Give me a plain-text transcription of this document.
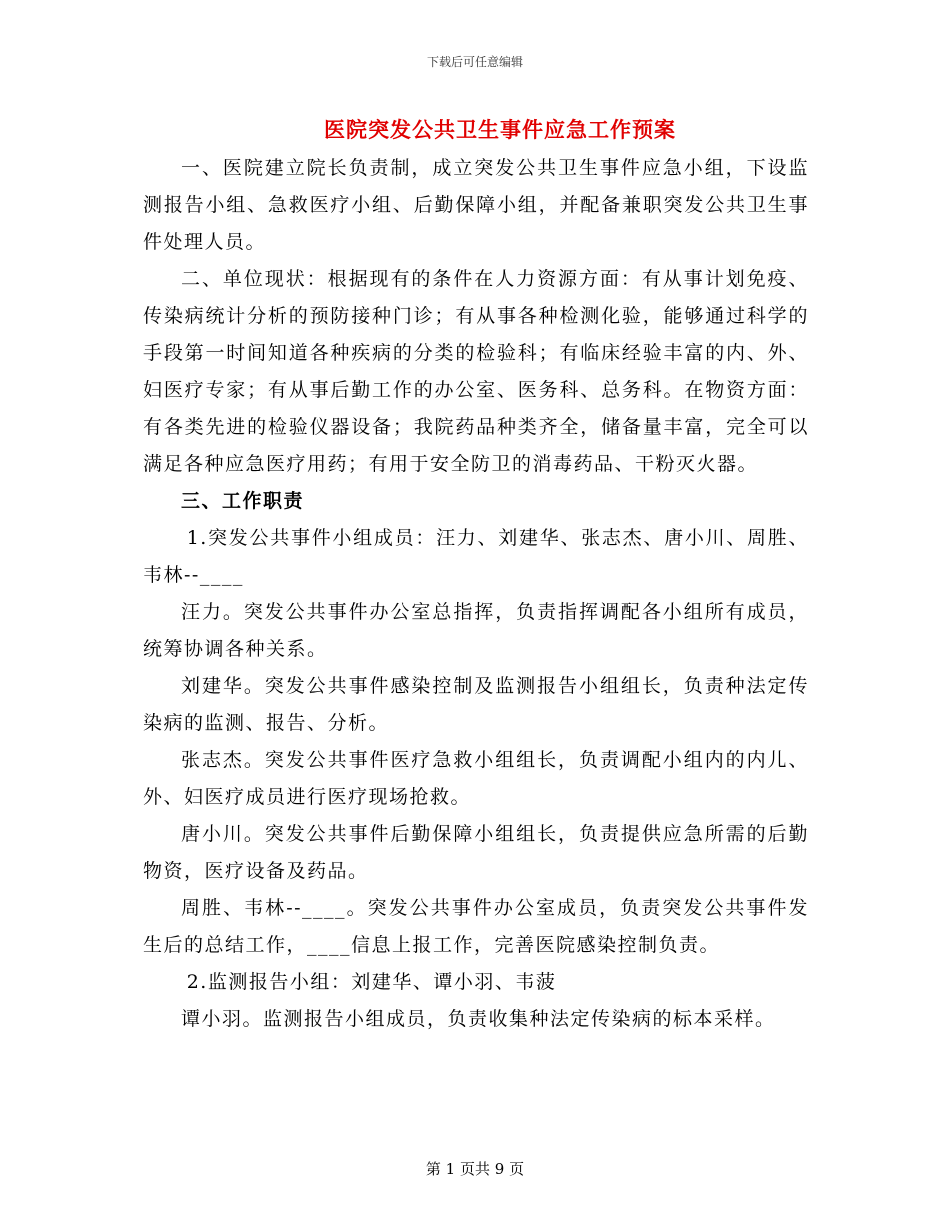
下载后可任意编辑
医院突发公共卫生事件应急工作预案

一、医院建立院长负责制，成立突发公共卫生事件应急小组，下设监测报告小组、急救医疗小组、后勤保障小组，并配备兼职突发公共卫生事件处理人员。

二、单位现状：根据现有的条件在人力资源方面：有从事计划免疫、传染病统计分析的预防接种门诊；有从事各种检测化验，能够通过科学的手段第一时间知道各种疾病的分类的检验科；有临床经验丰富的内、外、妇医疗专家；有从事后勤工作的办公室、医务科、总务科。在物资方面：有各类先进的检验仪器设备；我院药品种类齐全，储备量丰富，完全可以满足各种应急医疗用药；有用于安全防卫的消毒药品、干粉灭火器。

三、工作职责

1.突发公共事件小组成员：汪力、刘建华、张志杰、唐小川、周胜、韦林--____

汪力。突发公共事件办公室总指挥，负责指挥调配各小组所有成员，统筹协调各种关系。

刘建华。突发公共事件感染控制及监测报告小组组长，负责种法定传染病的监测、报告、分析。

张志杰。突发公共事件医疗急救小组组长，负责调配小组内的内儿、外、妇医疗成员进行医疗现场抢救。

唐小川。突发公共事件后勤保障小组组长，负责提供应急所需的后勤物资，医疗设备及药品。

周胜、韦林--____。突发公共事件办公室成员，负责突发公共事件发生后的总结工作，____信息上报工作，完善医院感染控制负责。

2.监测报告小组：刘建华、谭小羽、韦菠

谭小羽。监测报告小组成员，负责收集种法定传染病的标本采样。

第 1 页共 9 页
